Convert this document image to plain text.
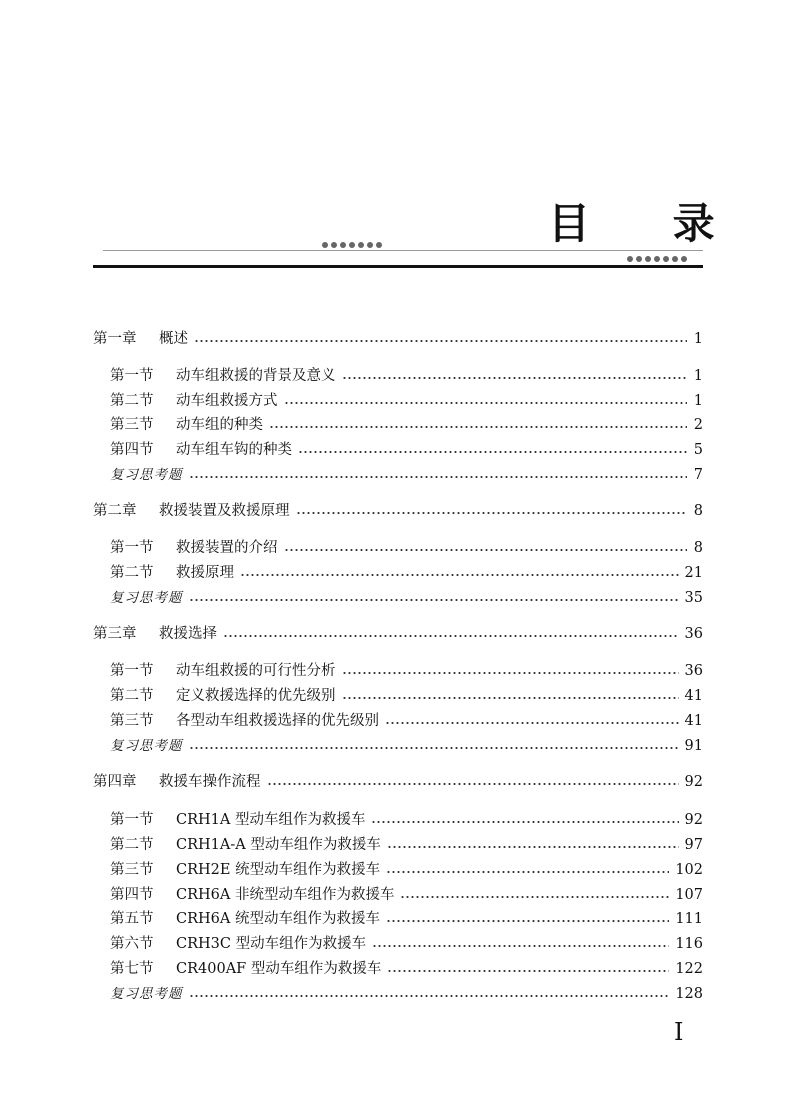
目 录
第一章	概述	1
第一节	动车组救援的背景及意义	1
第二节	动车组救援方式	1
第三节	动车组的种类	2
第四节	动车组车钩的种类	5
复习思考题	7
第二章	救援装置及救援原理	8
第一节	救援装置的介绍	8
第二节	救援原理	21
复习思考题	35
第三章	救援选择	36
第一节	动车组救援的可行性分析	36
第二节	定义救援选择的优先级别	41
第三节	各型动车组救援选择的优先级别	41
复习思考题	91
第四章	救援车操作流程	92
第一节	CRH1A 型动车组作为救援车	92
第二节	CRH1A-A 型动车组作为救援车	97
第三节	CRH2E 统型动车组作为救援车	102
第四节	CRH6A 非统型动车组作为救援车	107
第五节	CRH6A 统型动车组作为救援车	111
第六节	CRH3C 型动车组作为救援车	116
第七节	CR400AF 型动车组作为救援车	122
复习思考题	128
I
